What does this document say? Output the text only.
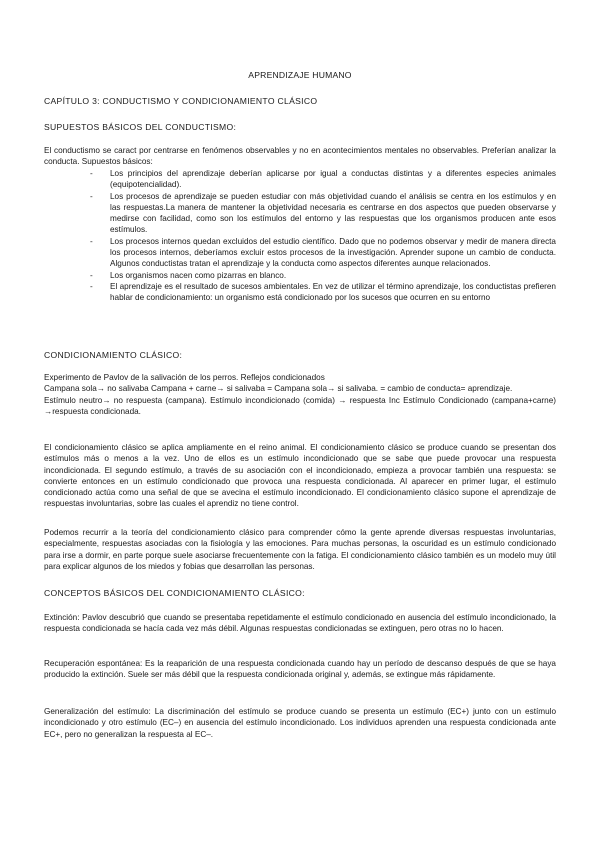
APRENDIZAJE HUMANO
CAPÍTULO 3: CONDUCTISMO Y CONDICIONAMIENTO CLÁSICO
SUPUESTOS BÁSICOS DEL CONDUCTISMO:

El conductismo se caract por centrarse en fenómenos observables y no en acontecimientos mentales no observables. Preferían analizar la conducta. Supuestos básicos:

- Los principios del aprendizaje deberían aplicarse por igual a conductas distintas y a diferentes especies animales (equipotencialidad).
- Los procesos de aprendizaje se pueden estudiar con más objetividad cuando el análisis se centra en los estímulos y en las respuestas.La manera de mantener la objetividad necesaria es centrarse en dos aspectos que pueden observarse y medirse con facilidad, como son los estímulos del entorno y las respuestas que los organismos producen ante esos estímulos.
- Los procesos internos quedan excluidos del estudio científico. Dado que no podemos observar y medir de manera directa los procesos internos, deberíamos excluir estos procesos de la investigación. Aprender supone un cambio de conducta. Algunos conductistas tratan el aprendizaje y la conducta como aspectos diferentes aunque relacionados.
- Los organismos nacen como pizarras en blanco.
- El aprendizaje es el resultado de sucesos ambientales. En vez de utilizar el término aprendizaje, los conductistas prefieren hablar de condicionamiento: un organismo está condicionado por los sucesos que ocurren en su entorno
CONDICIONAMIENTO CLÁSICO:

Experimento de Pavlov de la salivación de los perros. Reflejos condicionados

Campana sola→ no salivaba Campana + carne→ si salivaba = Campana sola→ si salivaba. = cambio de conducta= aprendizaje.

Estímulo neutro→ no respuesta (campana). Estímulo incondicionado (comida) → respuesta Inc Estímulo Condicionado (campana+carne) →respuesta condicionada.

El condicionamiento clásico se aplica ampliamente en el reino animal. El condicionamiento clásico se produce cuando se presentan dos estímulos más o menos a la vez. Uno de ellos es un estímulo incondicionado que se sabe que puede provocar una respuesta incondicionada. El segundo estímulo, a través de su asociación con el incondicionado, empieza a provocar también una respuesta: se convierte entonces en un estímulo condicionado que provoca una respuesta condicionada. Al aparecer en primer lugar, el estímulo condicionado actúa como una señal de que se avecina el estímulo incondicionado. El condicionamiento clásico supone el aprendizaje de respuestas involuntarias, sobre las cuales el aprendiz no tiene control.

Podemos recurrir a la teoría del condicionamiento clásico para comprender cómo la gente aprende diversas respuestas involuntarias, especialmente, respuestas asociadas con la fisiología y las emociones. Para muchas personas, la oscuridad es un estímulo condicionado para irse a dormir, en parte porque suele asociarse frecuentemente con la fatiga. El condicionamiento clásico también es un modelo muy útil para explicar algunos de los miedos y fobias que desarrollan las personas.

CONCEPTOS BÁSICOS DEL CONDICIONAMIENTO CLÁSICO:

Extinción: Pavlov descubrió que cuando se presentaba repetidamente el estímulo condicionado en ausencia del estímulo incondicionado, la respuesta condicionada se hacía cada vez más débil. Algunas respuestas condicionadas se extinguen, pero otras no lo hacen.

Recuperación espontánea: Es la reaparición de una respuesta condicionada cuando hay un período de descanso después de que se haya producido la extinción. Suele ser más débil que la respuesta condicionada original y, además, se extingue más rápidamente.

Generalización del estímulo: La discriminación del estímulo se produce cuando se presenta un estímulo (EC+) junto con un estímulo incondicionado y otro estímulo (EC–) en ausencia del estímulo incondicionado. Los individuos aprenden una respuesta condicionada ante EC+, pero no generalizan la respuesta al EC–.
